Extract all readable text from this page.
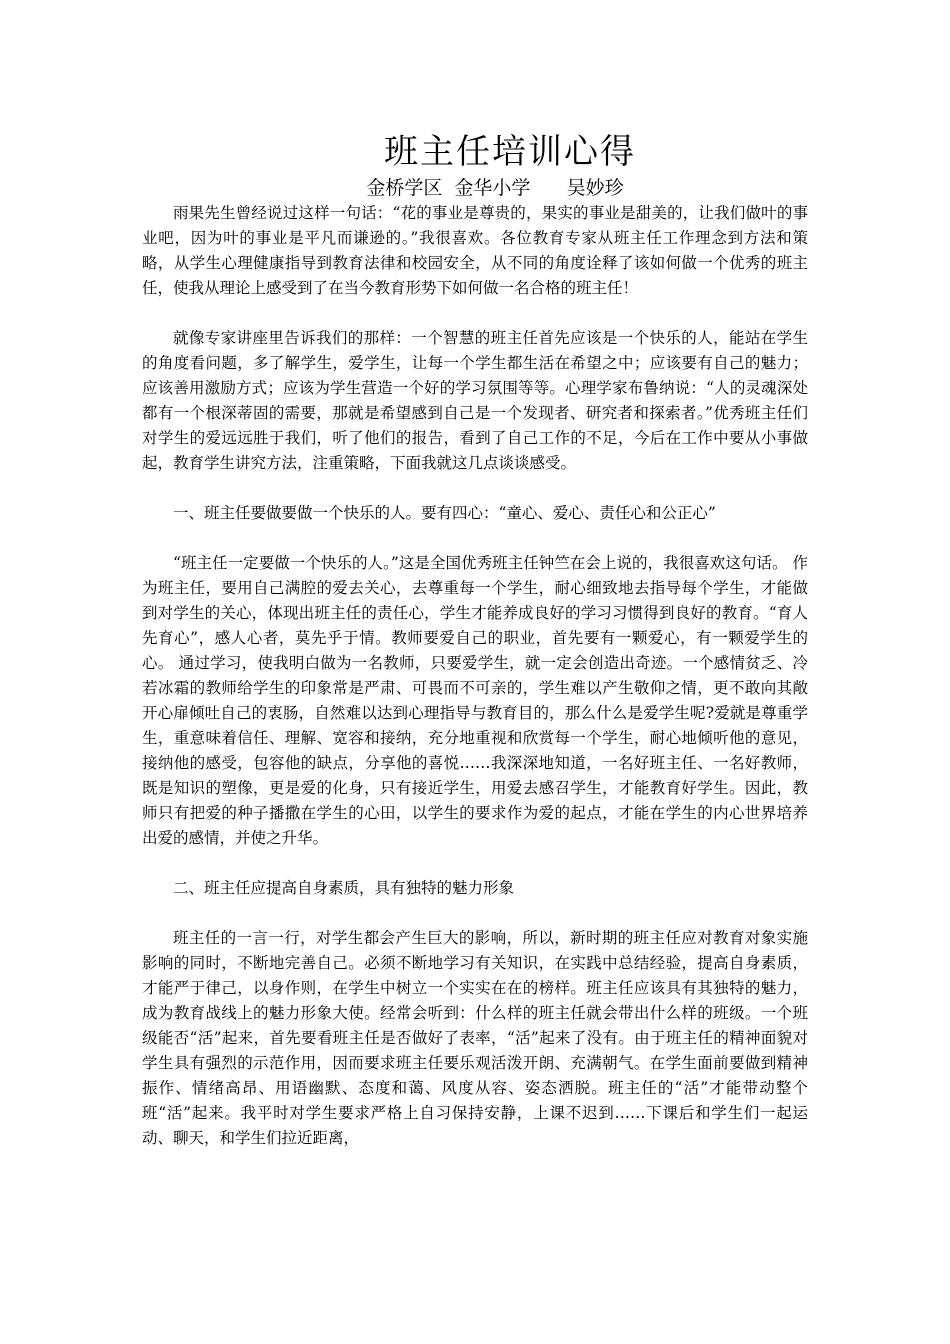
班主任培训心得
金桥学区  金华小学      吴妙珍

雨果先生曾经说过这样一句话：“花的事业是尊贵的，果实的事业是甜美的，让我们做叶的事业吧，因为叶的事业是平凡而谦逊的。”我很喜欢。各位教育专家从班主任工作理念到方法和策略，从学生心理健康指导到教育法律和校园安全，从不同的角度诠释了该如何做一个优秀的班主任，使我从理论上感受到了在当今教育形势下如何做一名合格的班主任！

就像专家讲座里告诉我们的那样：一个智慧的班主任首先应该是一个快乐的人，能站在学生的角度看问题，多了解学生，爱学生，让每一个学生都生活在希望之中；应该要有自己的魅力；应该善用激励方式；应该为学生营造一个好的学习氛围等等。心理学家布鲁纳说：“人的灵魂深处都有一个根深蒂固的需要，那就是希望感到自己是一个发现者、研究者和探索者。”优秀班主任们对学生的爱远远胜于我们，听了他们的报告，看到了自己工作的不足，今后在工作中要从小事做起，教育学生讲究方法，注重策略，下面我就这几点谈谈感受。

一、班主任要做要做一个快乐的人。要有四心：“童心、爱心、责任心和公正心”

“班主任一定要做一个快乐的人。”这是全国优秀班主任钟竺在会上说的，我很喜欢这句话。 作为班主任，要用自己满腔的爱去关心，去尊重每一个学生，耐心细致地去指导每个学生，才能做到对学生的关心，体现出班主任的责任心，学生才能养成良好的学习习惯得到良好的教育。“育人先育心”，感人心者，莫先乎于情。教师要爱自己的职业，首先要有一颗爱心，有一颗爱学生的心。 通过学习，使我明白做为一名教师，只要爱学生，就一定会创造出奇迹。一个感情贫乏、冷若冰霜的教师给学生的印象常是严肃、可畏而不可亲的，学生难以产生敬仰之情，更不敢向其敞开心扉倾吐自己的衷肠，自然难以达到心理指导与教育目的，那么什么是爱学生呢?爱就是尊重学生，重意味着信任、理解、宽容和接纳，充分地重视和欣赏每一个学生，耐心地倾听他的意见，接纳他的感受，包容他的缺点，分享他的喜悦……我深深地知道，一名好班主任、一名好教师，既是知识的塑像，更是爱的化身，只有接近学生，用爱去感召学生，才能教育好学生。因此，教师只有把爱的种子播撒在学生的心田，以学生的要求作为爱的起点，才能在学生的内心世界培养出爱的感情，并使之升华。

二、班主任应提高自身素质，具有独特的魅力形象

班主任的一言一行，对学生都会产生巨大的影响，所以，新时期的班主任应对教育对象实施影响的同时，不断地完善自己。必须不断地学习有关知识，在实践中总结经验，提高自身素质，才能严于律己，以身作则，在学生中树立一个实实在在的榜样。班主任应该具有其独特的魅力，成为教育战线上的魅力形象大使。经常会听到：什么样的班主任就会带出什么样的班级。一个班级能否“活”起来，首先要看班主任是否做好了表率，“活”起来了没有。由于班主任的精神面貌对学生具有强烈的示范作用，因而要求班主任要乐观活泼开朗、充满朝气。在学生面前要做到精神振作、情绪高昂、用语幽默、态度和蔼、风度从容、姿态洒脱。班主任的“活”才能带动整个班“活”起来。我平时对学生要求严格上自习保持安静，上课不迟到……下课后和学生们一起运动、聊天，和学生们拉近距离，
